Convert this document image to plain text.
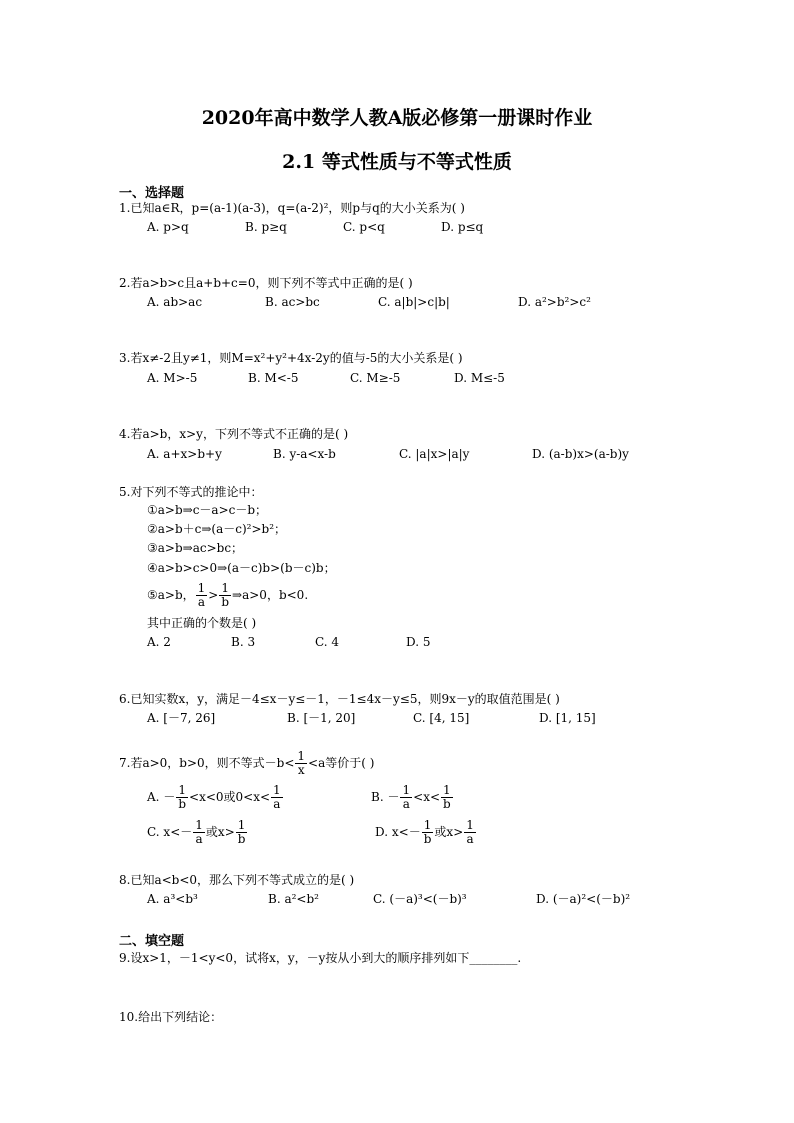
2020年高中数学人教A版必修第一册课时作业
2.1 等式性质与不等式性质
一、选择题
1.已知a∈R，p=(a-1)(a-3)，q=(a-2)²，则p与q的大小关系为( )
A. p>q	B. p≥q	C. p<q	D. p≤q
2.若a>b>c且a+b+c=0，则下列不等式中正确的是( )
A. ab>ac	B. ac>bc	C. a|b|>c|b|	D. a²>b²>c²
3.若x≠-2且y≠1，则M=x²+y²+4x-2y的值与-5的大小关系是( )
A. M>-5	B. M<-5	C. M≥-5	D. M≤-5
4.若a>b，x>y，下列不等式不正确的是( )
A. a+x>b+y	B. y-a<x-b	C. |a|x>|a|y	D. (a-b)x>(a-b)y
5.对下列不等式的推论中：
①a>b⇒c－a>c－b；
②a>b＋c⇒(a－c)²>b²；
③a>b⇒ac>bc；
④a>b>c>0⇒(a－c)b>(b－c)b；
⑤a>b， $\frac{1}{a} > \frac{1}{b}$ ⇒a>0，b<0.
其中正确的个数是( )
A. 2	B. 3	C. 4	D. 5
6.已知实数x，y，满足－4≤x－y≤－1，－1≤4x－y≤5，则9x－y的取值范围是( )
A. [－7, 26]	B. [－1, 20]	C. [4, 15]	D. [1, 15]
7.若a>0，b>0，则不等式$-b< \frac{1}{x} <a$等价于( )
A. － $\frac{1}{b} <x<0$或$0<x< \frac{1}{a}$	B. － $\frac{1}{a} <x< \frac{1}{b}$
C. $x<- \frac{1}{a}$ 或$x> \frac{1}{b}$	D. $x<- \frac{1}{b}$ 或$x> \frac{1}{a}$
8.已知a<b<0，那么下列不等式成立的是( )
A. a³<b³	B. a²<b²	C. (－a)³<(－b)³	D. (－a)²<(－b)²
二、填空题
9.设x>1，－1<y<0，试将x，y，－y按从小到大的顺序排列如下________.
10.给出下列结论：
